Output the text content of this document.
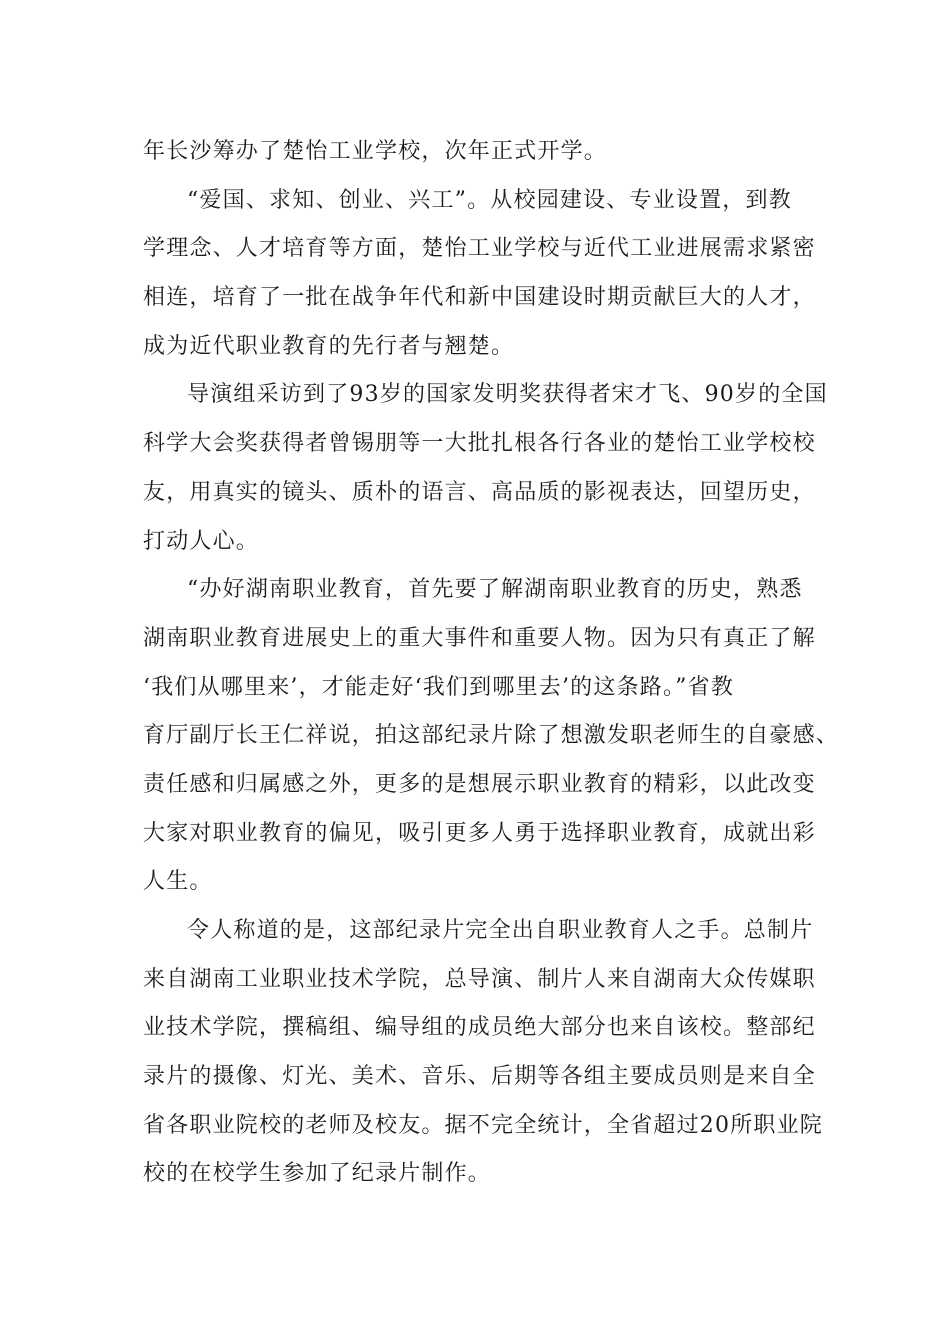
年长沙筹办了楚怡工业学校，次年正式开学。
“爱国、求知、创业、兴工”。从校园建设、专业设置，到教
学理念、人才培育等方面，楚怡工业学校与近代工业进展需求紧密
相连，培育了一批在战争年代和新中国建设时期贡献巨大的人才，
成为近代职业教育的先行者与翘楚。
导演组采访到了93岁的国家发明奖获得者宋才飞、90岁的全国
科学大会奖获得者曾锡朋等一大批扎根各行各业的楚怡工业学校校
友，用真实的镜头、质朴的语言、高品质的影视表达，回望历史，
打动人心。
“办好湖南职业教育，首先要了解湖南职业教育的历史，熟悉
湖南职业教育进展史上的重大事件和重要人物。因为只有真正了解
‘我们从哪里来’，才能走好‘我们到哪里去’的这条路。”省教
育厅副厅长王仁祥说，拍这部纪录片除了想激发职老师生的自豪感、
责任感和归属感之外，更多的是想展示职业教育的精彩，以此改变
大家对职业教育的偏见，吸引更多人勇于选择职业教育，成就出彩
人生。
令人称道的是，这部纪录片完全出自职业教育人之手。总制片
来自湖南工业职业技术学院，总导演、制片人来自湖南大众传媒职
业技术学院，撰稿组、编导组的成员绝大部分也来自该校。整部纪
录片的摄像、灯光、美术、音乐、后期等各组主要成员则是来自全
省各职业院校的老师及校友。据不完全统计，全省超过20所职业院
校的在校学生参加了纪录片制作。
